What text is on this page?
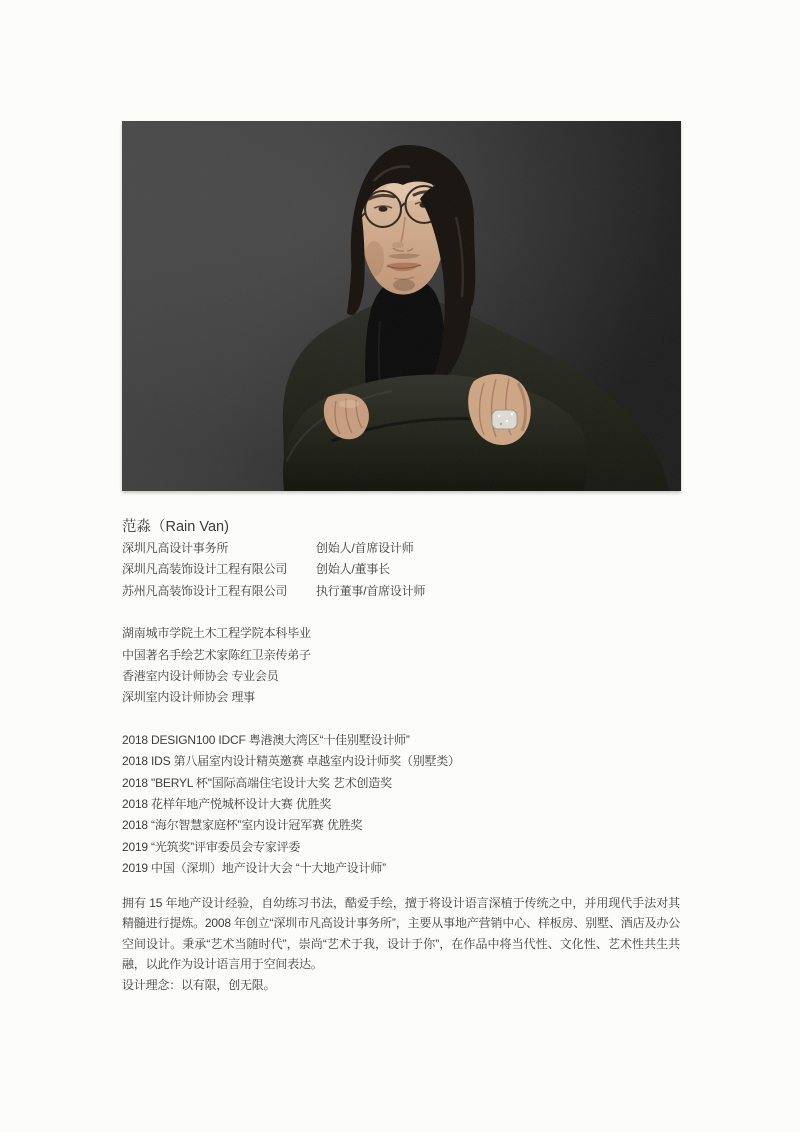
范淼（Rain Van)
深圳凡高设计事务所	创始人/首席设计师
深圳凡高装饰设计工程有限公司	创始人/董事长
苏州凡高装饰设计工程有限公司	执行董事/首席设计师
湖南城市学院土木工程学院本科毕业
中国著名手绘艺术家陈红卫亲传弟子
香港室内设计师协会 专业会员
深圳室内设计师协会 理事
2018 DESIGN100 IDCF 粤港澳大湾区“十佳别墅设计师”
2018 IDS 第八届室内设计精英邀赛 卓越室内设计师奖（别墅类）
2018 "BERYL 杯"国际高端住宅设计大奖 艺术创造奖
2018 花样年地产悦城杯设计大赛 优胜奖
2018 “海尔智慧家庭杯”室内设计冠军赛 优胜奖
2019 “光筑奖”评审委员会专家评委
2019 中国（深圳）地产设计大会 “十大地产设计师”
拥有 15 年地产设计经验，自幼练习书法，酷爱手绘，擅于将设计语言深植于传统之中，并用现代手法对其精髓进行提炼。2008 年创立“深圳市凡高设计事务所”，主要从事地产营销中心、样板房、别墅、酒店及办公空间设计。秉承“艺术当随时代”，崇尚“艺术于我，设计于你”，在作品中将当代性、文化性、艺术性共生共融，以此作为设计语言用于空间表达。
设计理念：以有限，创无限。
